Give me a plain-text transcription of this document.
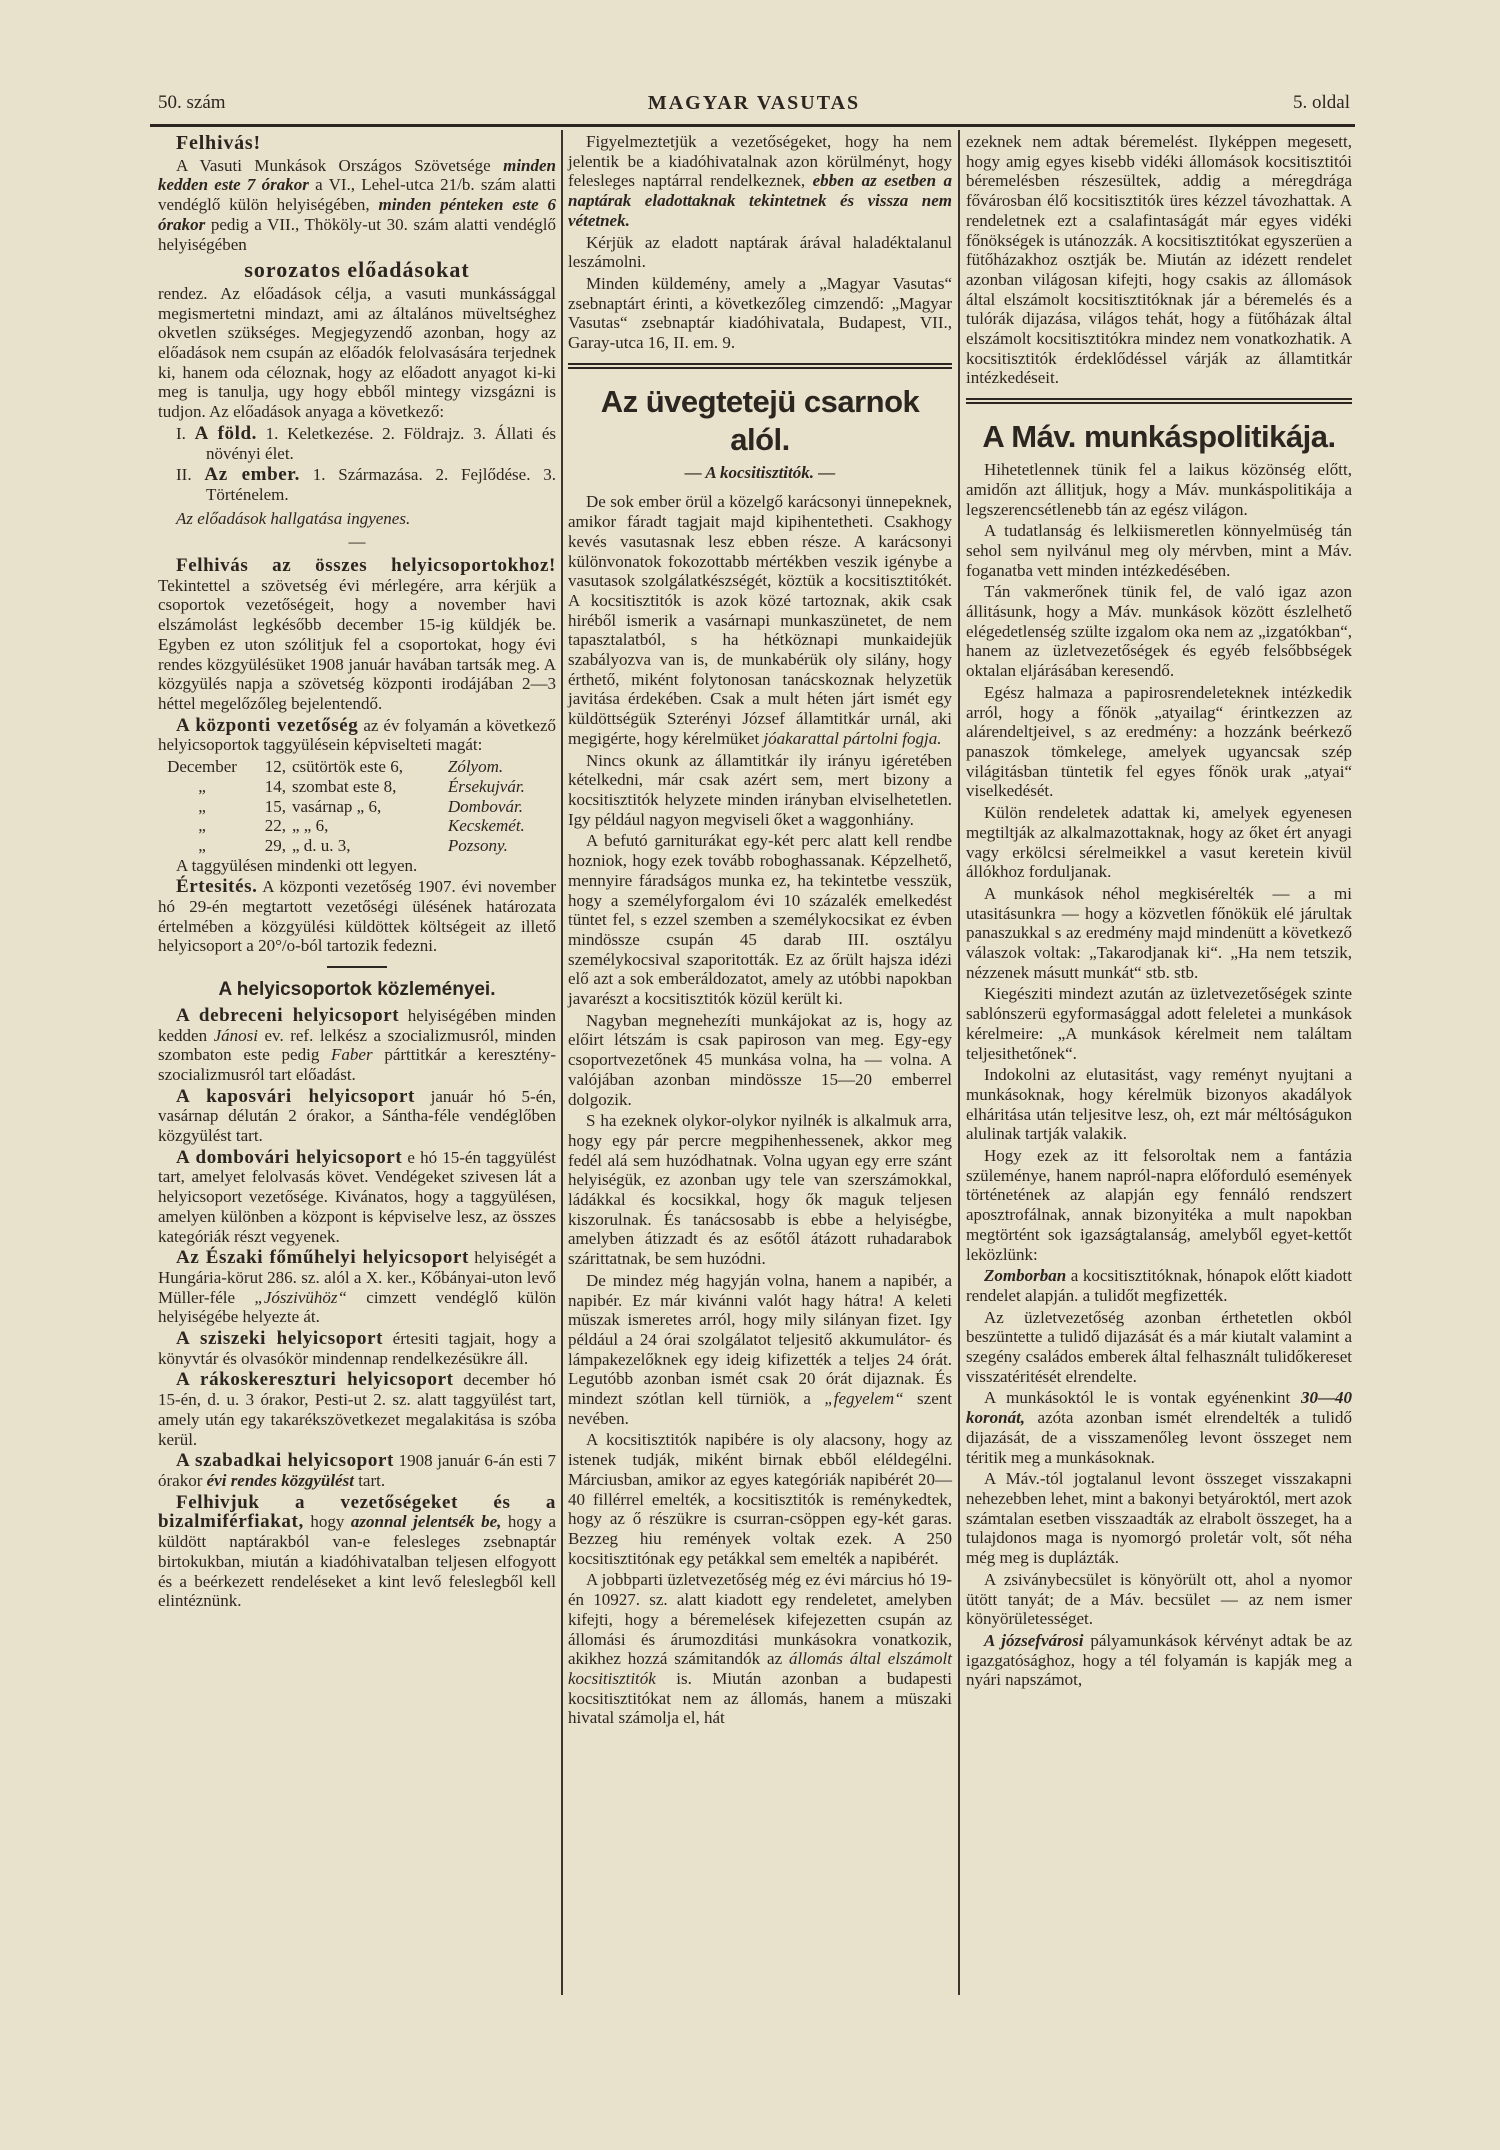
50. szám	MAGYAR VASUTAS	5. oldal
Felhivás!
A Vasuti Munkások Országos Szövetsége minden kedden este 7 órakor a VI., Lehel-utca 21/b. szám alatti vendéglő külön helyiségében, minden pénteken este 6 órakor pedig a VII., Thököly-ut 30. szám alatti vendéglő helyiségében
sorozatos előadásokat
rendez. Az előadások célja, a vasuti munkássággal megismertetni mindazt, ami az általános müveltséghez okvetlen szükséges. Megjegyzendő azonban, hogy az előadások nem csupán az előadók felolvasására terjednek ki, hanem oda céloznak, hogy az előadott anyagot ki-ki meg is tanulja, ugy hogy ebből mintegy vizsgázni is tudjon. Az előadások anyaga a következő:
I. A föld. 1. Keletkezése. 2. Földrajz. 3. Állati és növényi élet.
II. Az ember. 1. Származása. 2. Fejlődése. 3. Történelem.
Az előadások hallgatása ingyenes.
—
Felhivás az összes helyicsoportokhoz! Tekintettel a szövetség évi mérlegére, arra kérjük a csoportok vezetőségeit, hogy a november havi elszámolást legkésőbb december 15-ig küldjék be. Egyben ez uton szólitjuk fel a csoportokat, hogy évi rendes közgyülésüket 1908 január havában tartsák meg. A közgyülés napja a szövetség központi irodájában 2—3 héttel megelőzőleg bejelentendő.
A központi vezetőség az év folyamán a következő helyicsoportok taggyülésein képviselteti magát:
December	12,	csütörtök este 6,	Zólyom.
„	14,	szombat este 8,	Érsekujvár.
„	15,	vasárnap „ 6,	Dombovár.
„	22,	„ „ 6,	Kecskemét.
„	29,	„ d. u. 3,	Pozsony.
A taggyülésen mindenki ott legyen.
Értesités. A központi vezetőség 1907. évi november hó 29-én megtartott vezetőségi ülésének határozata értelmében a közgyülési küldöttek költségeit az illető helyicsoport a 20°/o-ból tartozik fedezni.
A helyicsoportok közleményei.
A debreceni helyicsoport helyiségében minden kedden Jánosi ev. ref. lelkész a szocializmusról, minden szombaton este pedig Faber párttitkár a keresztény-szocializmusról tart előadást.
A kaposvári helyicsoport január hó 5-én, vasárnap délután 2 órakor, a Sántha-féle vendéglőben közgyülést tart.
A dombovári helyicsoport e hó 15-én taggyülést tart, amelyet felolvasás követ. Vendégeket szivesen lát a helyicsoport vezetősége. Kivánatos, hogy a taggyülésen, amelyen különben a központ is képviselve lesz, az összes kategóriák részt vegyenek.
Az Északi főműhelyi helyicsoport helyiségét a Hungária-körut 286. sz. alól a X. ker., Kőbányai-uton levő Müller-féle „Jószivühöz“ cimzett vendéglő külön helyiségébe helyezte át.
A sziszeki helyicsoport értesiti tagjait, hogy a könyvtár és olvasókör mindennap rendelkezésükre áll.
A rákoskereszturi helyicsoport december hó 15-én, d. u. 3 órakor, Pesti-ut 2. sz. alatt taggyülést tart, amely után egy takarékszövetkezet megalakitása is szóba kerül.
A szabadkai helyicsoport 1908 január 6-án esti 7 órakor évi rendes közgyülést tart.
Felhivjuk a vezetőségeket és a bizalmiférfiakat, hogy azonnal jelentsék be, hogy a küldött naptárakból van-e felesleges zsebnaptár birtokukban, miután a kiadóhivatalban teljesen elfogyott és a beérkezett rendeléseket a kint levő feleslegből kell elintéznünk.
Figyelmeztetjük a vezetőségeket, hogy ha nem jelentik be a kiadóhivatalnak azon körülményt, hogy felesleges naptárral rendelkeznek, ebben az esetben a naptárak eladottaknak tekintetnek és vissza nem vétetnek.
Kérjük az eladott naptárak árával haladéktalanul leszámolni.
Minden küldemény, amely a „Magyar Vasutas“ zsebnaptárt érinti, a következőleg cimzendő: „Magyar Vasutas“ zsebnaptár kiadóhivatala, Budapest, VII., Garay-utca 16, II. em. 9.
Az üvegtetejü csarnok alól.
— A kocsitisztitók. —
De sok ember örül a közelgő karácsonyi ünnepeknek, amikor fáradt tagjait majd kipihentetheti. Csakhogy kevés vasutasnak lesz ebben része. A karácsonyi különvonatok fokozottabb mértékben veszik igénybe a vasutasok szolgálatkészségét, köztük a kocsitisztitókét. A kocsitisztitók is azok közé tartoznak, akik csak hiréből ismerik a vasárnapi munkaszünetet, de nem tapasztalatból, s ha hétköznapi munkaidejük szabályozva van is, de munkabérük oly silány, hogy érthető, miként folytonosan tanácskoznak helyzetük javitása érdekében. Csak a mult héten járt ismét egy küldöttségük Szterényi József államtitkár urnál, aki megigérte, hogy kérelmüket jóakarattal pártolni fogja.
Nincs okunk az államtitkár ily irányu igéretében kételkedni, már csak azért sem, mert bizony a kocsitisztitók helyzete minden irányban elviselhetetlen. Igy például nagyon megviseli őket a waggonhiány.
A befutó garniturákat egy-két perc alatt kell rendbe hozniok, hogy ezek tovább roboghassanak. Képzelhető, mennyire fáradságos munka ez, ha tekintetbe vesszük, hogy a személyforgalom évi 10 százalék emelkedést tüntet fel, s ezzel szemben a személykocsikat ez évben mindössze csupán 45 darab III. osztályu személykocsival szaporitották. Ez az őrült hajsza idézi elő azt a sok emberáldozatot, amely az utóbbi napokban javarészt a kocsitisztitók közül került ki.
Nagyban megnehezíti munkájokat az is, hogy az előirt létszám is csak papiroson van meg. Egy-egy csoportvezetőnek 45 munkása volna, ha — volna. A valójában azonban mindössze 15—20 emberrel dolgozik.
S ha ezeknek olykor-olykor nyilnék is alkalmuk arra, hogy egy pár percre megpihenhessenek, akkor meg fedél alá sem huzódhatnak. Volna ugyan egy erre szánt helyiségük, ez azonban ugy tele van szerszámokkal, ládákkal és kocsikkal, hogy ők maguk teljesen kiszorulnak. És tanácsosabb is ebbe a helyiségbe, amelyben átizzadt és az esőtől átázott ruhadarabok szárittatnak, be sem huzódni.
De mindez még hagyján volna, hanem a napibér, a napibér. Ez már kivánni valót hagy hátra! A keleti müszak ismeretes arról, hogy mily silányan fizet. Igy például a 24 órai szolgálatot teljesitő akkumulátor- és lámpakezelőknek egy ideig kifizették a teljes 24 órát. Legutóbb azonban ismét csak 20 órát dijaznak. És mindezt szótlan kell türniök, a „fegyelem“ szent nevében.
A kocsitisztitók napibére is oly alacsony, hogy az istenek tudják, miként birnak ebből eléldegélni. Márciusban, amikor az egyes kategóriák napibérét 20—40 fillérrel emelték, a kocsitisztitók is reménykedtek, hogy az ő részükre is csurran-csöppen egy-két garas. Bezzeg hiu remények voltak ezek. A 250 kocsitisztitónak egy petákkal sem emelték a napibérét.
A jobbparti üzletvezetőség még ez évi március hó 19-én 10927. sz. alatt kiadott egy rendeletet, amelyben kifejti, hogy a béremelések kifejezetten csupán az állomási és árumozditási munkásokra vonatkozik, akikhez hozzá számitandók az állomás által elszámolt kocsitisztitók is. Miután azonban a budapesti kocsitisztitókat nem az állomás, hanem a müszaki hivatal számolja el, hát
ezeknek nem adtak béremelést. Ilyképpen megesett, hogy amig egyes kisebb vidéki állomások kocsitisztitói béremelésben részesültek, addig a méregdrága fővárosban élő kocsitisztitók üres kézzel távozhattak. A rendeletnek ezt a csalafintaságát már egyes vidéki főnökségek is utánozzák. A kocsitisztitókat egyszerüen a fütőházakhoz osztják be. Miután az idézett rendelet azonban világosan kifejti, hogy csakis az állomások által elszámolt kocsitisztitóknak jár a béremelés és a tulórák dijazása, világos tehát, hogy a fütőházak által elszámolt kocsitisztitókra mindez nem vonatkozhatik. A kocsitisztitók érdeklődéssel várják az államtitkár intézkedéseit.
A Máv. munkáspolitikája.
Hihetetlennek tünik fel a laikus közönség előtt, amidőn azt állitjuk, hogy a Máv. munkáspolitikája a legszerencsétlenebb tán az egész világon.
A tudatlanság és lelkiismeretlen könnyelmüség tán sehol sem nyilvánul meg oly mérvben, mint a Máv. foganatba vett minden intézkedésében.
Tán vakmerőnek tünik fel, de való igaz azon állitásunk, hogy a Máv. munkások között észlelhető elégedetlenség szülte izgalom oka nem az „izgatókban“, hanem az üzletvezetőségek és egyéb felsőbbségek oktalan eljárásában keresendő.
Egész halmaza a papirosrendeleteknek intézkedik arról, hogy a főnök „atyailag“ érintkezzen az alárendeltjeivel, s az eredmény: a hozzánk beérkező panaszok tömkelege, amelyek ugyancsak szép világitásban tüntetik fel egyes főnök urak „atyai“ viselkedését.
Külön rendeletek adattak ki, amelyek egyenesen megtiltják az alkalmazottaknak, hogy az őket ért anyagi vagy erkölcsi sérelmeikkel a vasut keretein kivül állókhoz forduljanak.
A munkások néhol megkisérelték — a mi utasitásunkra — hogy a közvetlen főnökük elé járultak panaszukkal s az eredmény majd mindenütt a következő válaszok voltak: „Takarodjanak ki“. „Ha nem tetszik, nézzenek másutt munkát“ stb. stb.
Kiegésziti mindezt azután az üzletvezetőségek szinte sablónszerü egyformasággal adott feleletei a munkások kérelmeire: „A munkások kérelmeit nem találtam teljesithetőnek“.
Indokolni az elutasitást, vagy reményt nyujtani a munkásoknak, hogy kérelmük bizonyos akadályok elháritása után teljesitve lesz, oh, ezt már méltóságukon alulinak tartják valakik.
Hogy ezek az itt felsoroltak nem a fantázia szüleménye, hanem napról-napra előforduló események történetének az alapján egy fennáló rendszert aposztrofálnak, annak bizonyitéka a mult napokban megtörtént sok igazságtalanság, amelyből egyet-kettőt leközlünk:
Zomborban a kocsitisztitóknak, hónapok előtt kiadott rendelet alapján. a tulidőt megfizették.
Az üzletvezetőség azonban érthetetlen okból beszüntette a tulidő dijazását és a már kiutalt valamint a szegény családos emberek által felhasznált tulidőkereset visszatéritését elrendelte.
A munkásoktól le is vontak egyénenkint 30—40 koronát, azóta azonban ismét elrendelték a tulidő dijazását, de a visszamenőleg levont összeget nem téritik meg a munkásoknak.
A Máv.-tól jogtalanul levont összeget visszakapni nehezebben lehet, mint a bakonyi betyároktól, mert azok számtalan esetben visszaadták az elrabolt összeget, ha a tulajdonos maga is nyomorgó proletár volt, sőt néha még meg is duplázták.
A zsiványbecsület is könyörült ott, ahol a nyomor ütött tanyát; de a Máv. becsület — az nem ismer könyörületességet.
A józsefvárosi pályamunkások kérvényt adtak be az igazgatósághoz, hogy a tél folyamán is kapják meg a nyári napszámot,
